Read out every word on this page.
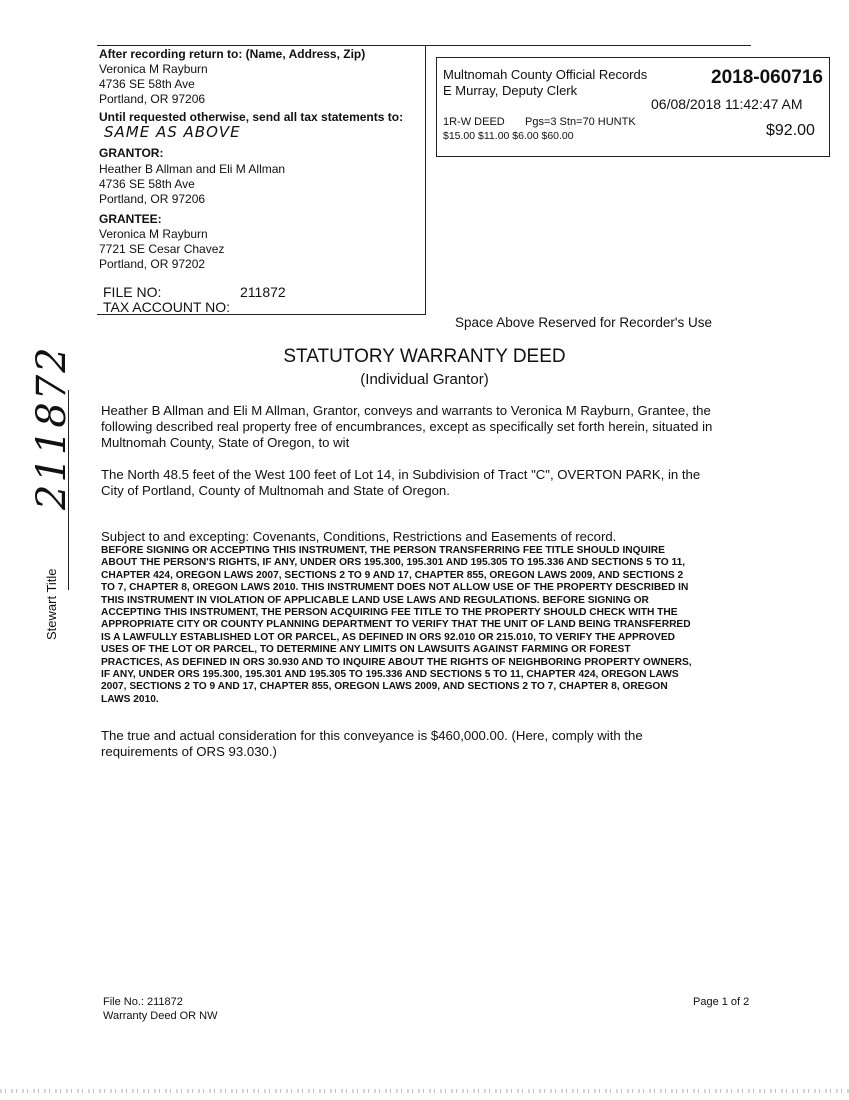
After recording return to: (Name, Address, Zip)
Veronica M Rayburn
4736 SE 58th Ave
Portland, OR 97206
Until requested otherwise, send all tax statements to:
SAME AS ABOVE
GRANTOR:
Heather B Allman and Eli M Allman
4736 SE 58th Ave
Portland, OR 97206
GRANTEE:
Veronica M Rayburn
7721 SE Cesar Chavez
Portland, OR 97202
FILE NO:	211872
TAX ACCOUNT NO:
Multnomah County Official Records
E Murray, Deputy Clerk
2018-060716
06/08/2018 11:42:47 AM
1R-W DEED Pgs=3 Stn=70 HUNTK
$15.00 $11.00 $6.00 $60.00	$92.00
Space Above Reserved for Recorder's Use
211872
Stewart Title
STATUTORY WARRANTY DEED
(Individual Grantor)
Heather B Allman and Eli M Allman, Grantor, conveys and warrants to Veronica M Rayburn, Grantee, the
following described real property free of encumbrances, except as specifically set forth herein, situated in
Multnomah County, State of Oregon, to wit
The North 48.5 feet of the West 100 feet of Lot 14, in Subdivision of Tract "C", OVERTON PARK, in the
City of Portland, County of Multnomah and State of Oregon.
Subject to and excepting: Covenants, Conditions, Restrictions and Easements of record.
BEFORE SIGNING OR ACCEPTING THIS INSTRUMENT, THE PERSON TRANSFERRING FEE TITLE SHOULD INQUIRE
ABOUT THE PERSON'S RIGHTS, IF ANY, UNDER ORS 195.300, 195.301 AND 195.305 TO 195.336 AND SECTIONS 5 TO 11,
CHAPTER 424, OREGON LAWS 2007, SECTIONS 2 TO 9 AND 17, CHAPTER 855, OREGON LAWS 2009, AND SECTIONS 2
TO 7, CHAPTER 8, OREGON LAWS 2010. THIS INSTRUMENT DOES NOT ALLOW USE OF THE PROPERTY DESCRIBED IN
THIS INSTRUMENT IN VIOLATION OF APPLICABLE LAND USE LAWS AND REGULATIONS. BEFORE SIGNING OR
ACCEPTING THIS INSTRUMENT, THE PERSON ACQUIRING FEE TITLE TO THE PROPERTY SHOULD CHECK WITH THE
APPROPRIATE CITY OR COUNTY PLANNING DEPARTMENT TO VERIFY THAT THE UNIT OF LAND BEING TRANSFERRED
IS A LAWFULLY ESTABLISHED LOT OR PARCEL, AS DEFINED IN ORS 92.010 OR 215.010, TO VERIFY THE APPROVED
USES OF THE LOT OR PARCEL, TO DETERMINE ANY LIMITS ON LAWSUITS AGAINST FARMING OR FOREST
PRACTICES, AS DEFINED IN ORS 30.930 AND TO INQUIRE ABOUT THE RIGHTS OF NEIGHBORING PROPERTY OWNERS,
IF ANY, UNDER ORS 195.300, 195.301 AND 195.305 TO 195.336 AND SECTIONS 5 TO 11, CHAPTER 424, OREGON LAWS
2007, SECTIONS 2 TO 9 AND 17, CHAPTER 855, OREGON LAWS 2009, AND SECTIONS 2 TO 7, CHAPTER 8, OREGON
LAWS 2010.
The true and actual consideration for this conveyance is $460,000.00. (Here, comply with the
requirements of ORS 93.030.)
File No.: 211872
Warranty Deed OR NW
Page 1 of 2
